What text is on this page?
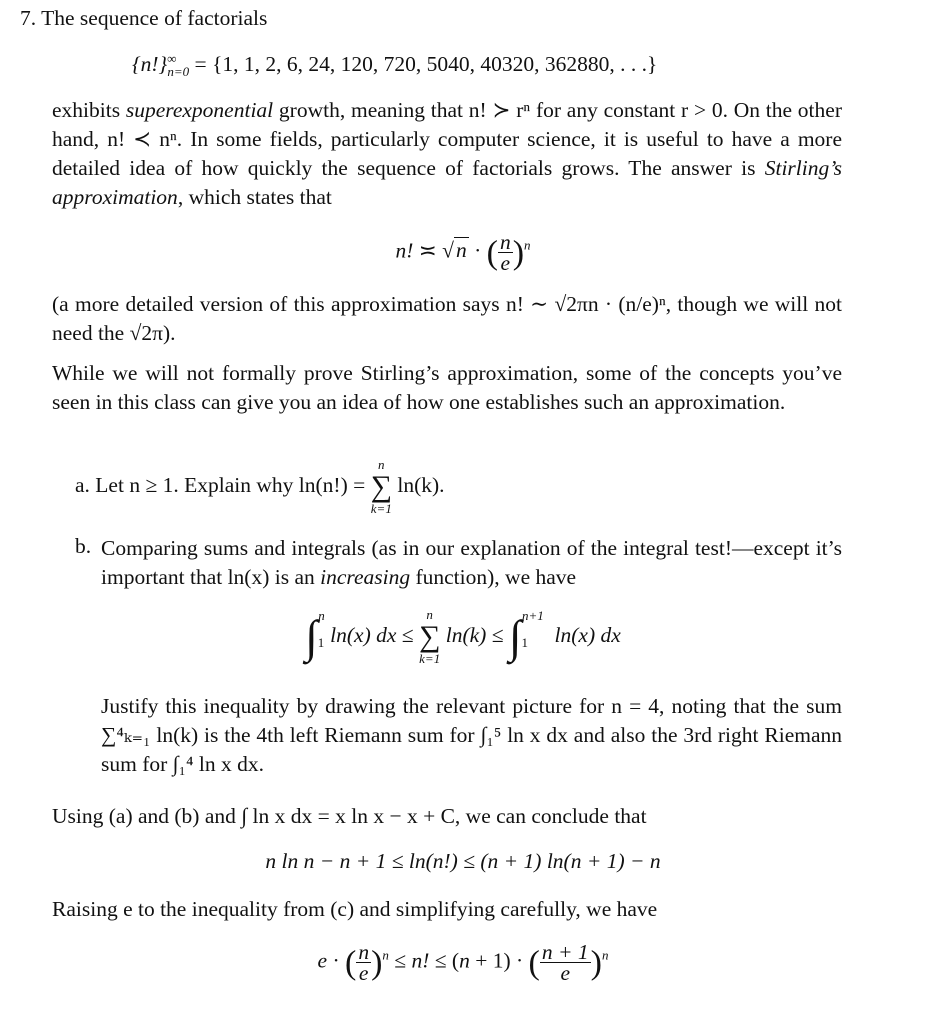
7. The sequence of factorials
$\{n!\}^\infty_{n=0} = \{1$, 1, 2, 6, 24, 120, 720, 5040, 40320, 362880, . . .}
exhibits superexponential growth, meaning that n! ≻ rⁿ for any constant r > 0. On the other hand, n! ≺ nⁿ. In some fields, particularly computer science, it is useful to have a more detailed idea of how quickly the sequence of factorials grows. The answer is Stirling’s approximation, which states that
n! ≍ √n · ( $\frac{n}{e} )^n$
(a more detailed version of this approximation says n! ∼ √2πn · (n/e)ⁿ, though we will not need the √2π).
While we will not formally prove Stirling’s approximation, some of the concepts you’ve seen in this class can give you an idea of how one establishes such an approximation.
a. Let n ≥ 1. Explain why ln(n!) =
n
∑
k=1
ln(k).
b. Comparing sums and integrals (as in our explanation of the integral test!—except it’s important that ln(x) is an increasing function), we have
$\int_1^n$ ln(x) dx ≤
n
∑
k=1
$\ln(k) \le \int_1^{n+1}$  ln(x) dx
Justify this inequality by drawing the relevant picture for n = 4, noting that the sum ∑⁴ₖ₌₁ ln(k) is the 4th left Riemann sum for ∫₁⁵ ln x dx and also the 3rd right Riemann sum for ∫₁⁴ ln x dx.
Using (a) and (b) and ∫ ln x dx = x ln x − x + C, we can conclude that
n ln n − n + 1 ≤ ln(n!) ≤ (n + 1) ln(n + 1) − n
Raising e to the inequality from (c) and simplifying carefully, we have
e · ( $\frac{n}{e} )^n \le n$! ≤ (n + 1) · ( $\frac{n + 1}{e} )^n$
